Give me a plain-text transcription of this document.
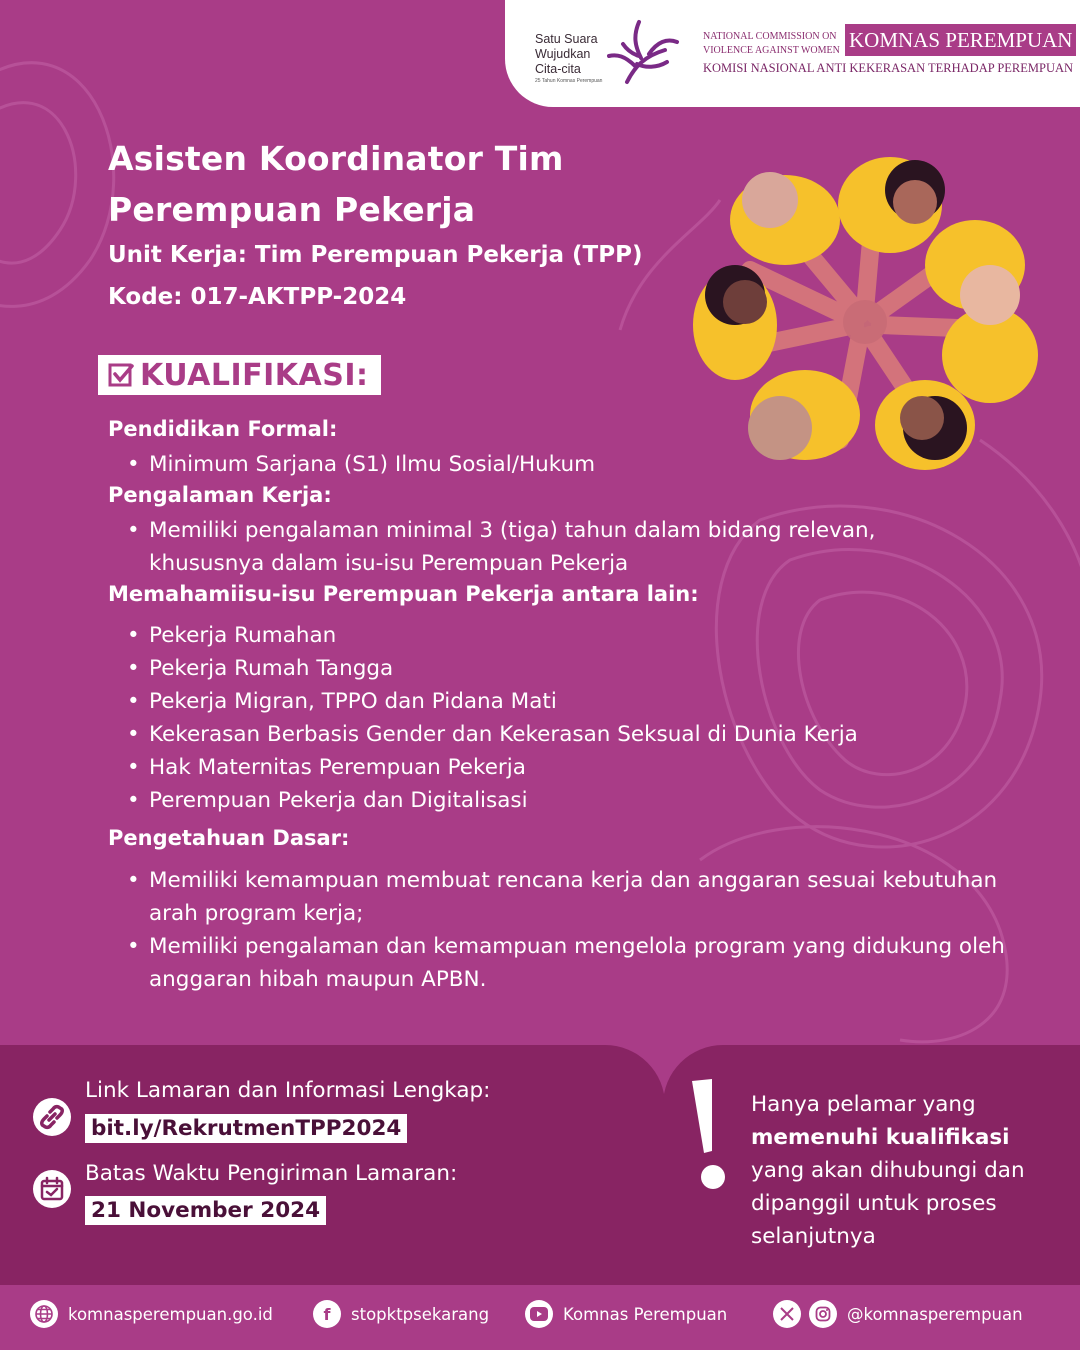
Satu Suara
Wujudkan
Cita-cita
25 Tahun Komnas Perempuan
NATIONAL COMMISSION ON
VIOLENCE AGAINST WOMEN KOMNAS PEREMPUAN
KOMISI NASIONAL ANTI KEKERASAN TERHADAP PEREMPUAN
Asisten Koordinator Tim
Perempuan Pekerja
Unit Kerja: Tim Perempuan Pekerja (TPP)
Kode: 017-AKTPP-2024
KUALIFIKASI:
Pendidikan Formal:
• Minimum Sarjana (S1) Ilmu Sosial/Hukum
Pengalaman Kerja:
• Memiliki pengalaman minimal 3 (tiga) tahun dalam bidang relevan, khususnya dalam isu-isu Perempuan Pekerja
Memahamiisu-isu Perempuan Pekerja antara lain:
• Pekerja Rumahan
• Pekerja Rumah Tangga
• Pekerja Migran, TPPO dan Pidana Mati
• Kekerasan Berbasis Gender dan Kekerasan Seksual di Dunia Kerja
• Hak Maternitas Perempuan Pekerja
• Perempuan Pekerja dan Digitalisasi
Pengetahuan Dasar:
• Memiliki kemampuan membuat rencana kerja dan anggaran sesuai kebutuhan arah program kerja;
• Memiliki pengalaman dan kemampuan mengelola program yang didukung oleh anggaran hibah maupun APBN.
Link Lamaran dan Informasi Lengkap:
bit.ly/RekrutmenTPP2024
Batas Waktu Pengiriman Lamaran:
21 November 2024
Hanya pelamar yang
memenuhi kualifikasi
yang akan dihubungi dan dipanggil untuk proses selanjutnya
komnasperempuan.go.id	f	stopktpsekarang	Komnas Perempuan	@komnasperempuan
